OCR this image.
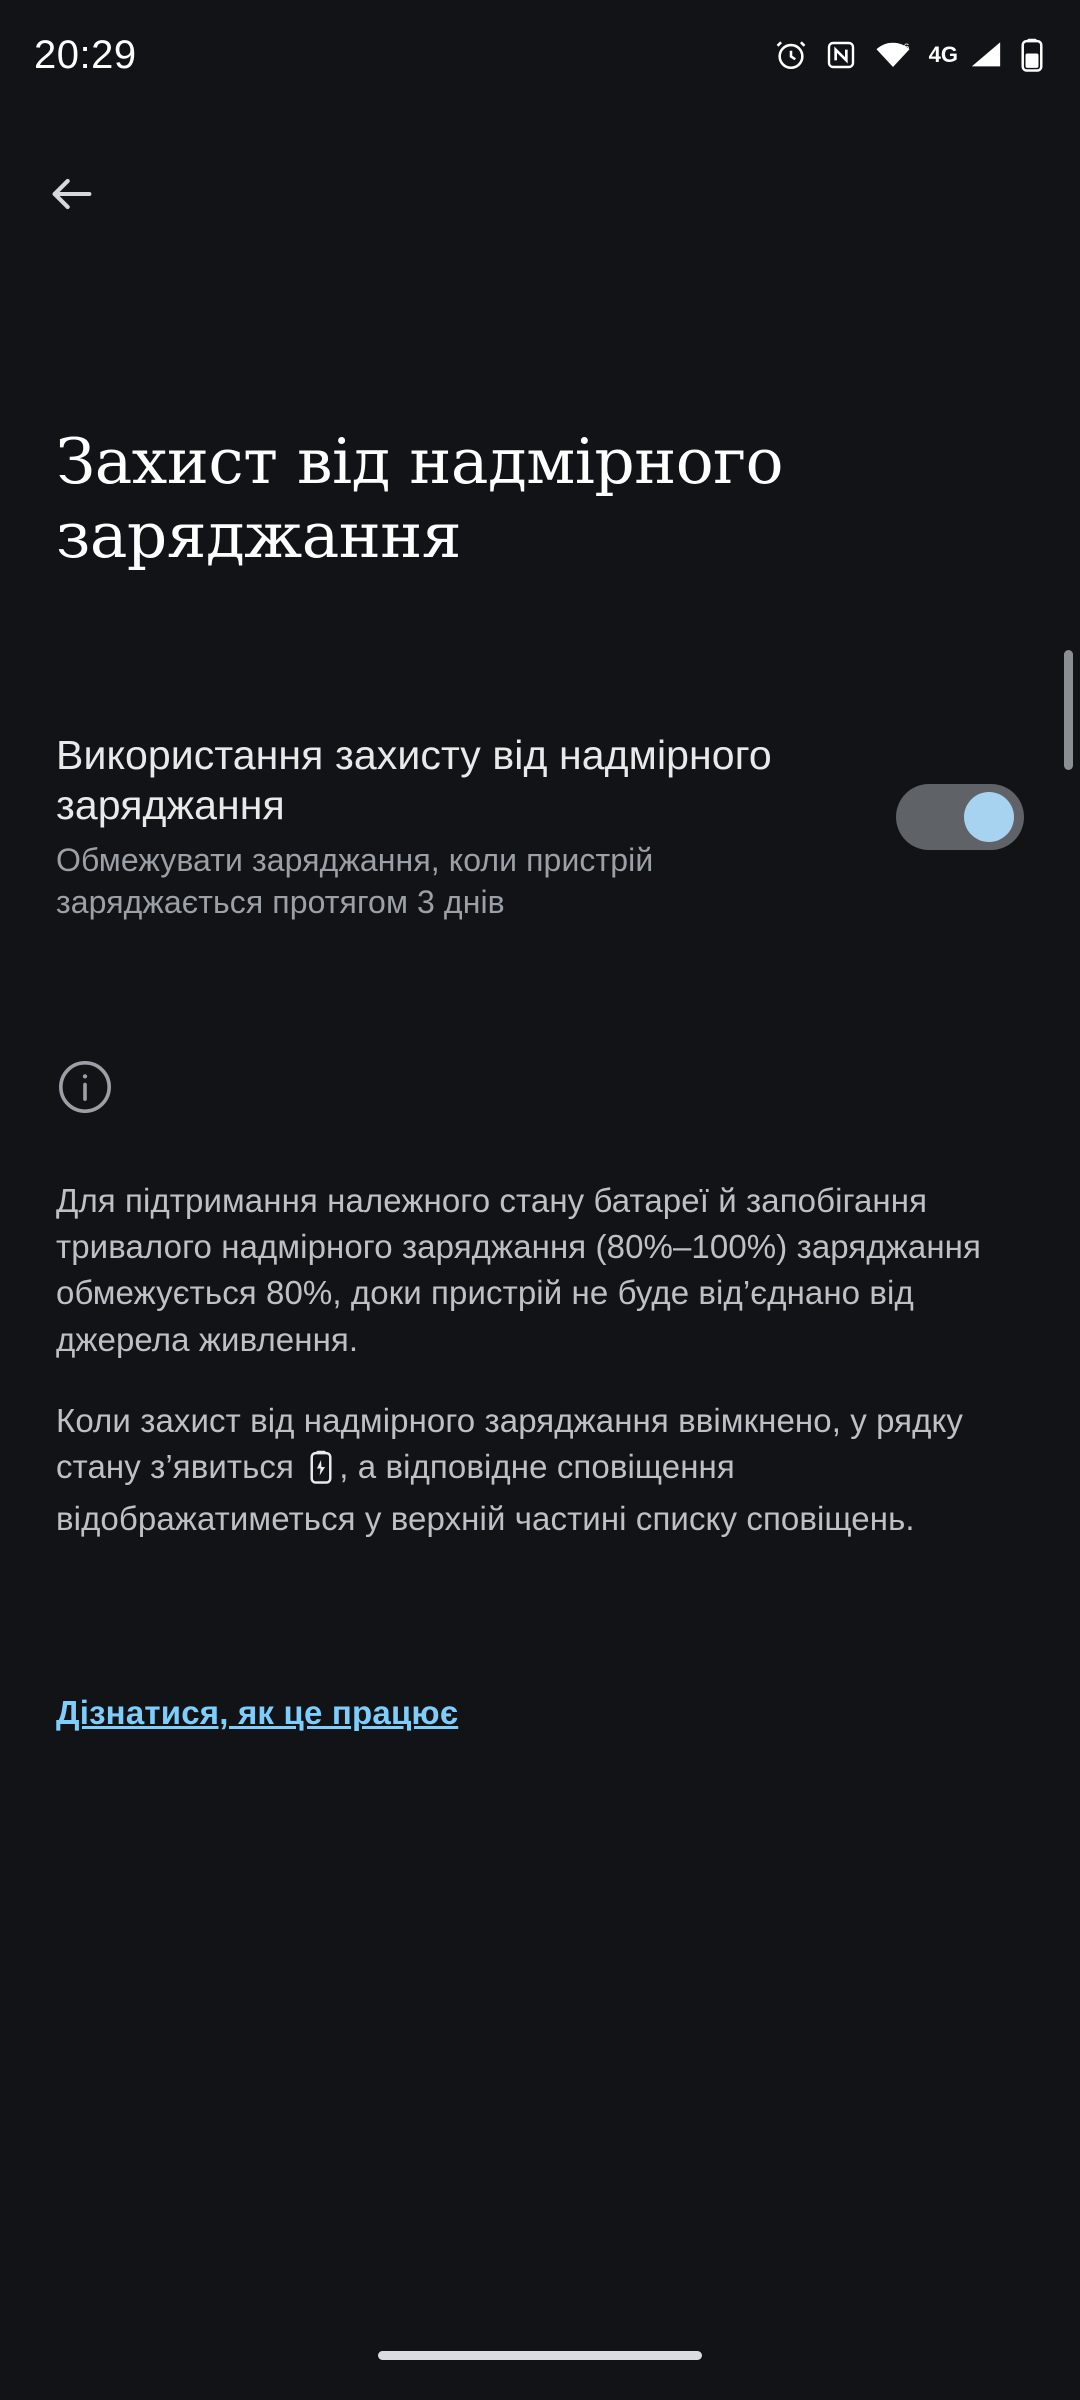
20:29	6 4G
Захист від надмірного заряджання
Використання захисту від надмірного заряджання
Обмежувати заряджання, коли пристрій заряджається протягом 3 днів

Для підтримання належного стану батареї й запобігання тривалого надмірного заряджання (80%–100%) заряджання обмежується 80%, доки пристрій не буде від’єднано від джерела живлення.

Коли захист від надмірного заряджання ввімкнено, у рядку стану з’явиться , а відповідне сповіщення відображатиметься у верхній частині списку сповіщень.

Дізнатися, як це працює
